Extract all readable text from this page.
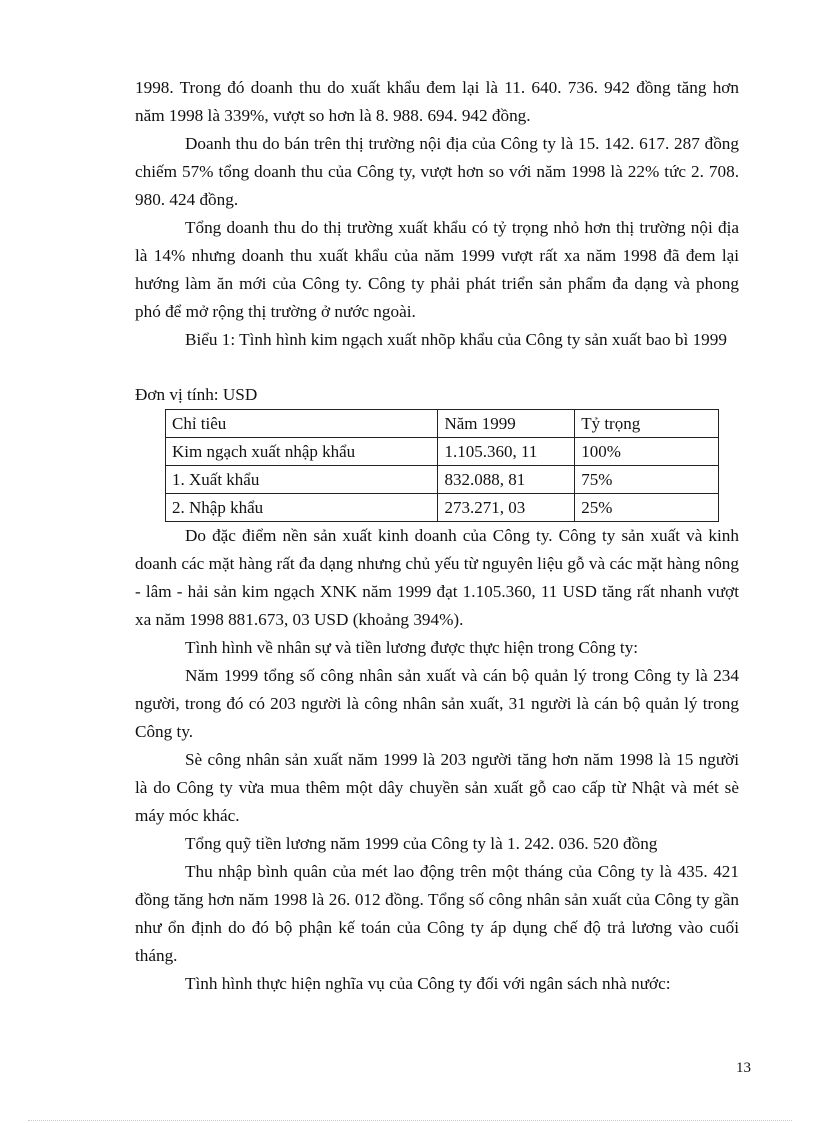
1998. Trong đó doanh thu do xuất khẩu đem lại là 11. 640. 736. 942 đồng tăng hơn năm 1998 là 339%, vượt so hơn là 8. 988. 694. 942 đồng.

Doanh thu do bán trên thị trường nội địa của Công ty là 15. 142. 617. 287 đồng chiếm 57% tổng doanh thu của Công ty, vượt hơn so với năm 1998 là 22% tức 2. 708. 980. 424 đồng.

Tổng doanh thu do thị trường xuất khẩu có tỷ trọng nhỏ hơn thị trường nội địa là 14% nhưng doanh thu xuất khẩu của năm 1999 vượt rất xa năm 1998 đã đem lại hướng làm ăn mới của Công ty. Công ty phải phát triển sản phẩm đa dạng và phong phó để mở rộng thị trường ở nước ngoài.

Biểu 1: Tình hình kim ngạch xuất nhõp khẩu của Công ty sản xuất bao bì 1999

Đơn vị tính: USD
Chỉ tiêu	Năm 1999	Tỷ trọng
Kim ngạch xuất nhập khẩu	1.105.360, 11	100%
1. Xuất khẩu	832.088, 81	75%
2. Nhập khẩu	273.271, 03	25%

Do đặc điểm nền sản xuất kinh doanh của Công ty. Công ty sản xuất và kinh doanh các mặt hàng rất đa dạng nhưng chủ yếu từ nguyên liệu gỗ và các mặt hàng nông - lâm - hải sản kim ngạch XNK năm 1999 đạt 1.105.360, 11 USD tăng rất nhanh vượt xa năm 1998 881.673, 03 USD (khoảng 394%).

Tình hình về nhân sự và tiền lương được thực hiện trong Công ty:

Năm 1999 tổng số công nhân sản xuất và cán bộ quản lý trong Công ty là 234 người, trong đó có 203 người là công nhân sản xuất, 31 người là cán bộ quản lý trong Công ty.

Sè công nhân sản xuất năm 1999 là 203 người tăng hơn năm 1998 là 15 người là do Công ty vừa mua thêm một dây chuyền sản xuất gỗ cao cấp từ Nhật và mét sè máy móc khác.

Tổng quỹ tiền lương năm 1999 của Công ty là 1. 242. 036. 520 đồng

Thu nhập bình quân của mét lao động trên một tháng của Công ty là 435. 421 đồng tăng hơn năm 1998 là 26. 012 đồng. Tổng số công nhân sản xuất của Công ty gần như ổn định do đó bộ phận kế toán của Công ty áp dụng chế độ trả lương vào cuối tháng.

Tình hình thực hiện nghĩa vụ của Công ty đối với ngân sách nhà nước:

13
